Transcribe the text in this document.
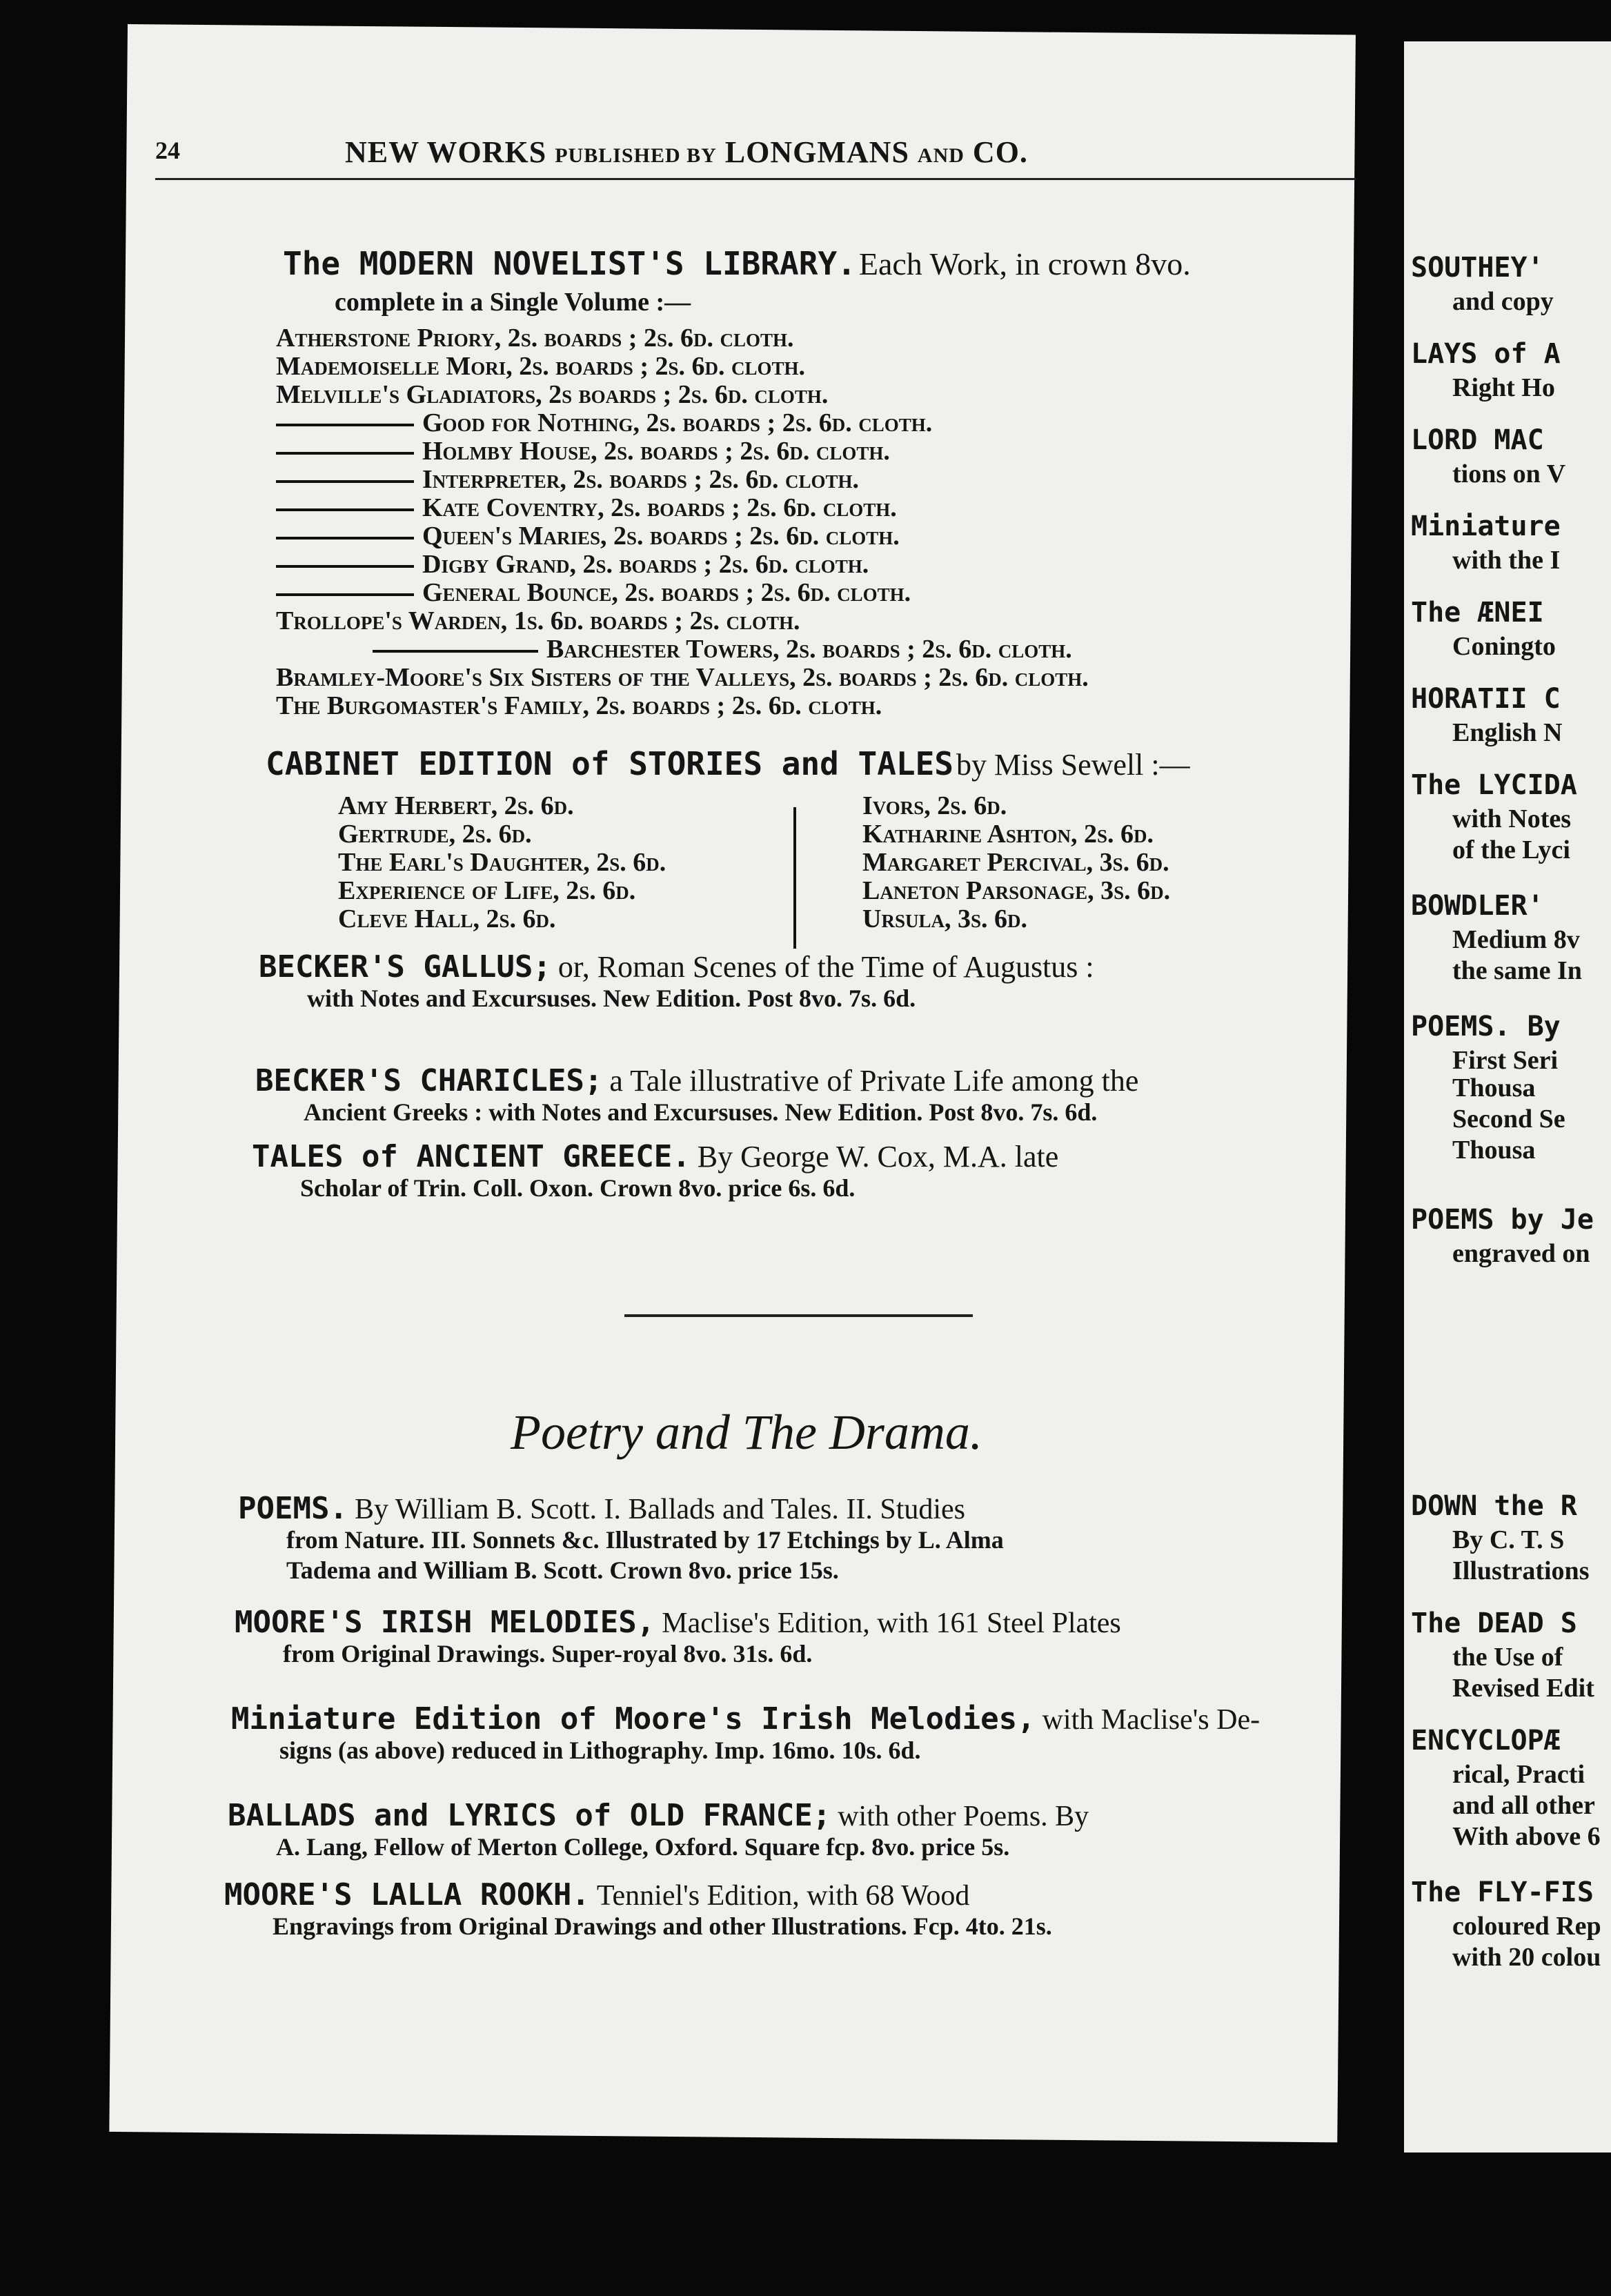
SOUTHEY'
and copy
LAYS of A
Right Ho
LORD MAC
tions on V
Miniature
with the I
The ÆNEI
Coningto
HORATII C
English N
The LYCIDA
with Notes
of the Lyci
BOWDLER'
Medium 8v
the same In
POEMS. By
First Seri
Thousa
Second Se
Thousa
POEMS by Je
engraved on
DOWN the R
By C. T. S
Illustrations
The DEAD S
the Use of
Revised Edit
ENCYCLOPÆ
rical, Practi
and all other
With above 6
The FLY-FIS
coloured Rep
with 20 colou
24	NEW WORKS PUBLISHED BY LONGMANS AND CO.
The MODERN NOVELIST'S LIBRARY. Each Work, in crown 8vo.
complete in a Single Volume :—
Atherstone Priory, 2s. boards ; 2s. 6d. cloth.
Mademoiselle Mori, 2s. boards ; 2s. 6d. cloth.
Melville's Gladiators, 2s boards ; 2s. 6d. cloth.
Good for Nothing, 2s. boards ; 2s. 6d. cloth.
Holmby House, 2s. boards ; 2s. 6d. cloth.
Interpreter, 2s. boards ; 2s. 6d. cloth.
Kate Coventry, 2s. boards ; 2s. 6d. cloth.
Queen's Maries, 2s. boards ; 2s. 6d. cloth.
Digby Grand, 2s. boards ; 2s. 6d. cloth.
General Bounce, 2s. boards ; 2s. 6d. cloth.
Trollope's Warden, 1s. 6d. boards ; 2s. cloth.
Barchester Towers, 2s. boards ; 2s. 6d. cloth.
Bramley-Moore's Six Sisters of the Valleys, 2s. boards ; 2s. 6d. cloth.
The Burgomaster's Family, 2s. boards ; 2s. 6d. cloth.
CABINET EDITION of STORIES and TALES by Miss Sewell :—
Amy Herbert, 2s. 6d.
Gertrude, 2s. 6d.
The Earl's Daughter, 2s. 6d.
Experience of Life, 2s. 6d.
Cleve Hall, 2s. 6d.
Ivors, 2s. 6d.
Katharine Ashton, 2s. 6d.
Margaret Percival, 3s. 6d.
Laneton Parsonage, 3s. 6d.
Ursula, 3s. 6d.
BECKER'S GALLUS; or, Roman Scenes of the Time of Augustus :
with Notes and Excursuses. New Edition. Post 8vo. 7s. 6d.
BECKER'S CHARICLES; a Tale illustrative of Private Life among the
Ancient Greeks : with Notes and Excursuses. New Edition. Post 8vo. 7s. 6d.
TALES of ANCIENT GREECE. By George W. Cox, M.A. late
Scholar of Trin. Coll. Oxon. Crown 8vo. price 6s. 6d.
Poetry and The Drama.
POEMS. By William B. Scott. I. Ballads and Tales. II. Studies
from Nature. III. Sonnets &c. Illustrated by 17 Etchings by L. Alma
Tadema and William B. Scott. Crown 8vo. price 15s.
MOORE'S IRISH MELODIES, Maclise's Edition, with 161 Steel Plates
from Original Drawings. Super-royal 8vo. 31s. 6d.
Miniature Edition of Moore's Irish Melodies, with Maclise's De-
signs (as above) reduced in Lithography. Imp. 16mo. 10s. 6d.
BALLADS and LYRICS of OLD FRANCE; with other Poems. By
A. Lang, Fellow of Merton College, Oxford. Square fcp. 8vo. price 5s.
MOORE'S LALLA ROOKH. Tenniel's Edition, with 68 Wood
Engravings from Original Drawings and other Illustrations. Fcp. 4to. 21s.
